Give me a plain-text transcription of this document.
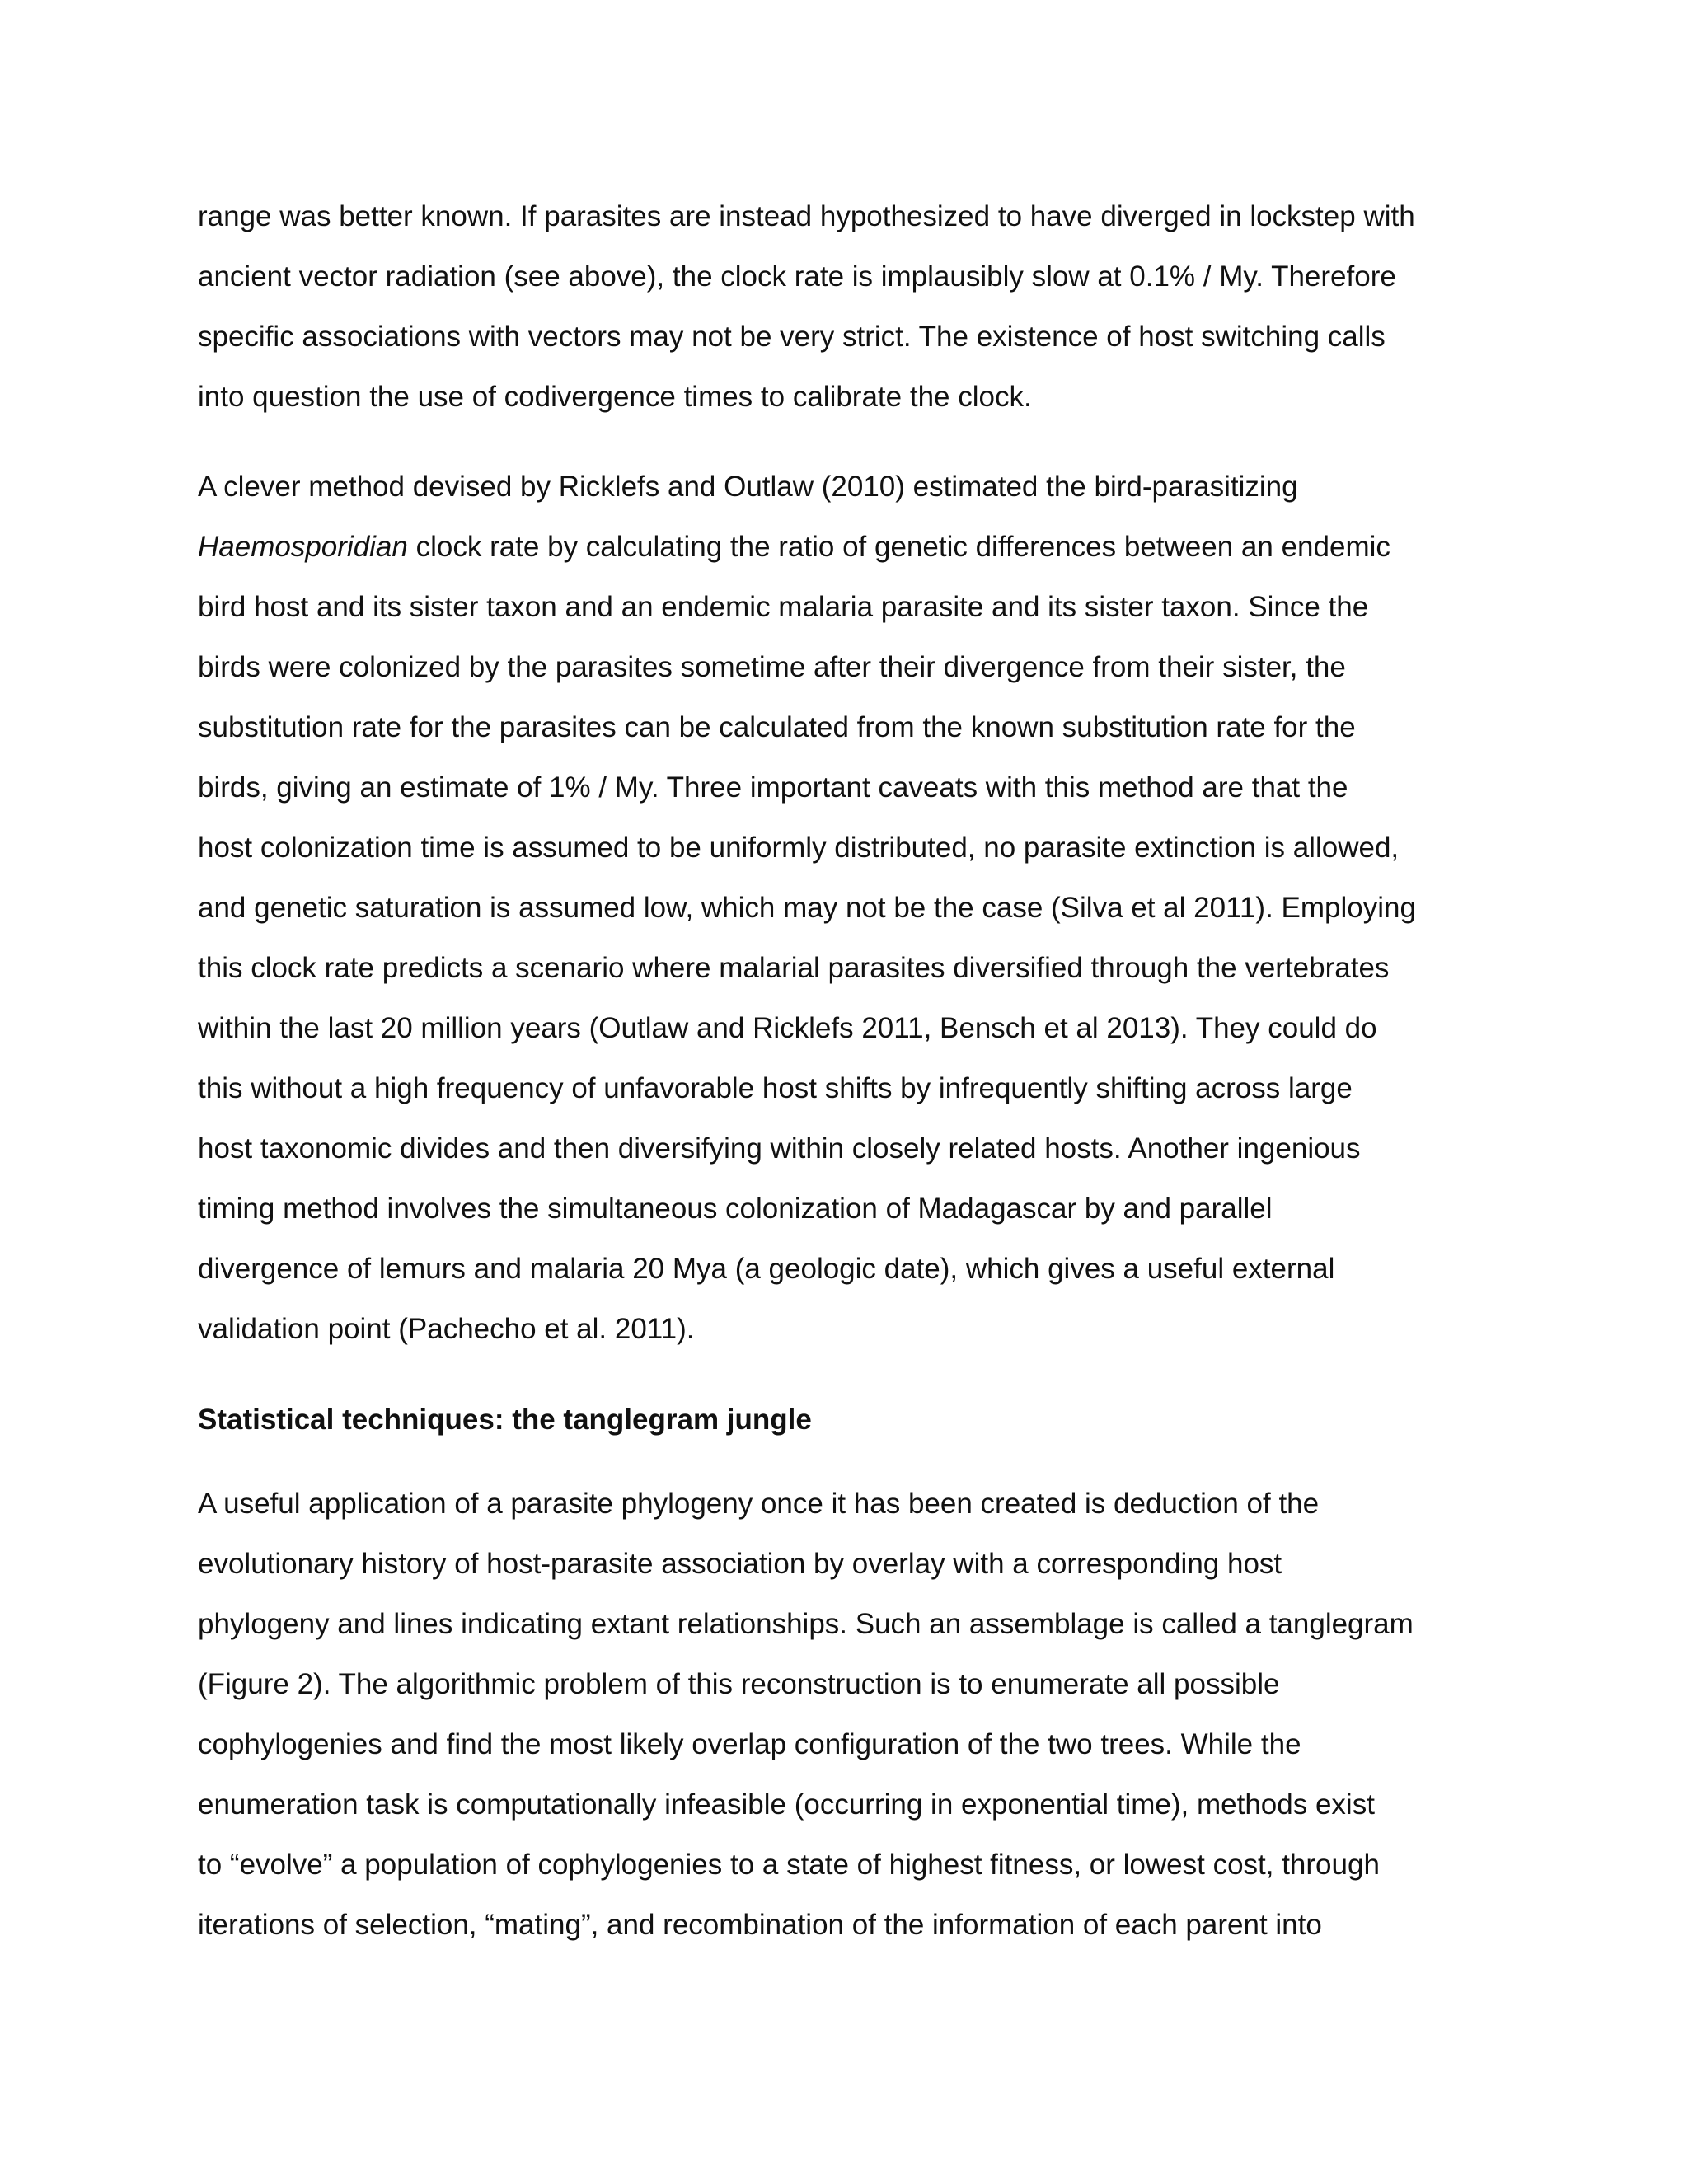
range was better known. If parasites are instead hypothesized to have diverged in lockstep with
ancient vector radiation (see above), the clock rate is implausibly slow at 0.1% / My. Therefore
specific associations with vectors may not be very strict. The existence of host switching calls
into question the use of codivergence times to calibrate the clock.
A clever method devised by Ricklefs and Outlaw (2010) estimated the bird-parasitizing
Haemosporidian clock rate by calculating the ratio of genetic differences between an endemic
bird host and its sister taxon and an endemic malaria parasite and its sister taxon. Since the
birds were colonized by the parasites sometime after their divergence from their sister, the
substitution rate for the parasites can be calculated from the known substitution rate for the
birds, giving an estimate of 1% / My. Three important caveats with this method are that the
host colonization time is assumed to be uniformly distributed, no parasite extinction is allowed,
and genetic saturation is assumed low, which may not be the case (Silva et al 2011). Employing
this clock rate predicts a scenario where malarial parasites diversified through the vertebrates
within the last 20 million years (Outlaw and Ricklefs 2011, Bensch et al 2013). They could do
this without a high frequency of unfavorable host shifts by infrequently shifting across large
host taxonomic divides and then diversifying within closely related hosts. Another ingenious
timing method involves the simultaneous colonization of Madagascar by and parallel
divergence of lemurs and malaria 20 Mya (a geologic date), which gives a useful external
validation point (Pachecho et al. 2011).
Statistical techniques: the tanglegram jungle
A useful application of a parasite phylogeny once it has been created is deduction of the
evolutionary history of host-parasite association by overlay with a corresponding host
phylogeny and lines indicating extant relationships. Such an assemblage is called a tanglegram
(Figure 2). The algorithmic problem of this reconstruction is to enumerate all possible
cophylogenies and find the most likely overlap configuration of the two trees. While the
enumeration task is computationally infeasible (occurring in exponential time), methods exist
to “evolve” a population of cophylogenies to a state of highest fitness, or lowest cost, through
iterations of selection, “mating”, and recombination of the information of each parent into
